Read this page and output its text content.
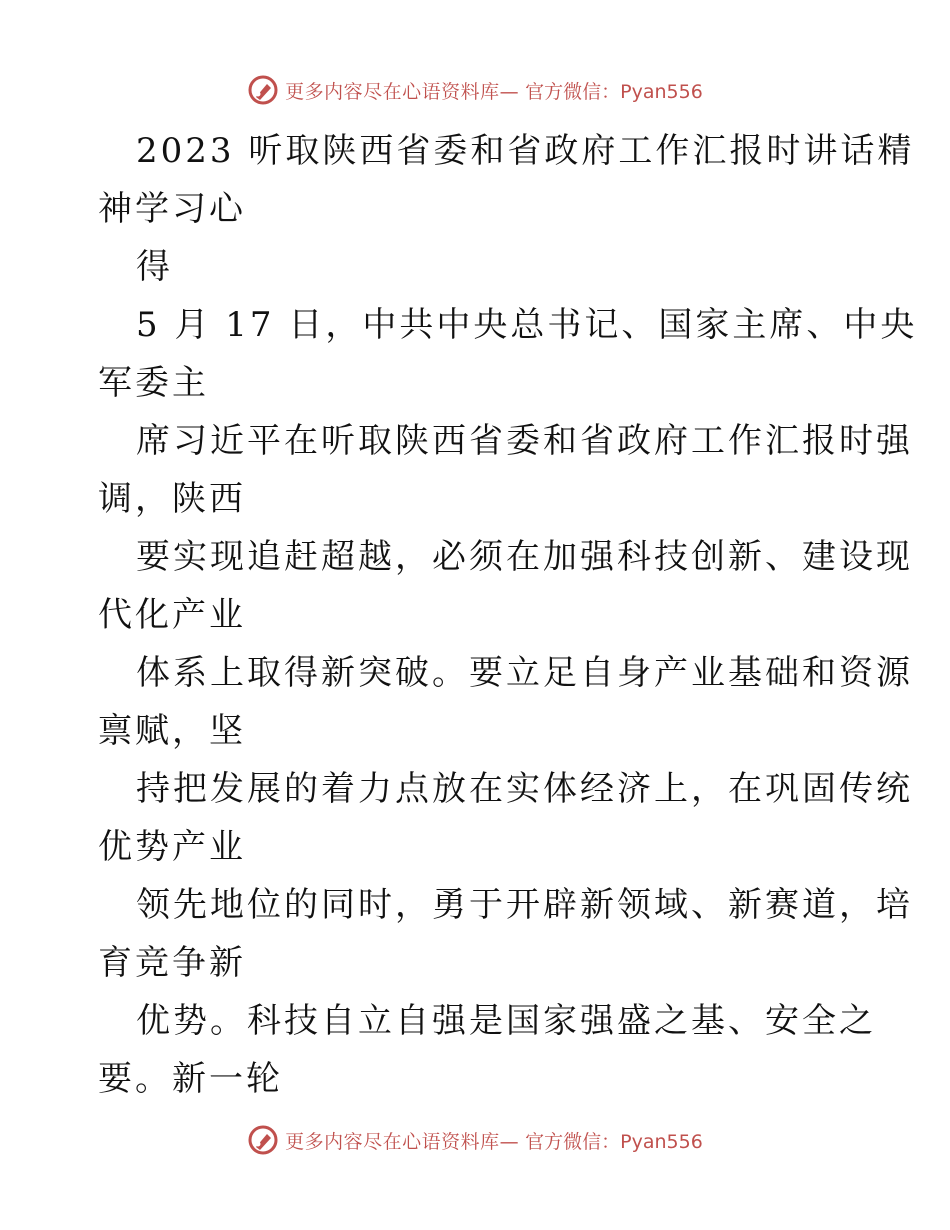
更多内容尽在心语资料库— 官方微信：Pyan556
2023 听取陕西省委和省政府工作汇报时讲话精
神学习心
得
5 月 17 日，中共中央总书记、国家主席、中央
军委主
席习近平在听取陕西省委和省政府工作汇报时强
调，陕西
要实现追赶超越，必须在加强科技创新、建设现
代化产业
体系上取得新突破。要立足自身产业基础和资源
禀赋，坚
持把发展的着力点放在实体经济上，在巩固传统
优势产业
领先地位的同时，勇于开辟新领域、新赛道，培
育竞争新
优势。科技自立自强是国家强盛之基、安全之
要。新一轮
更多内容尽在心语资料库— 官方微信：Pyan556
